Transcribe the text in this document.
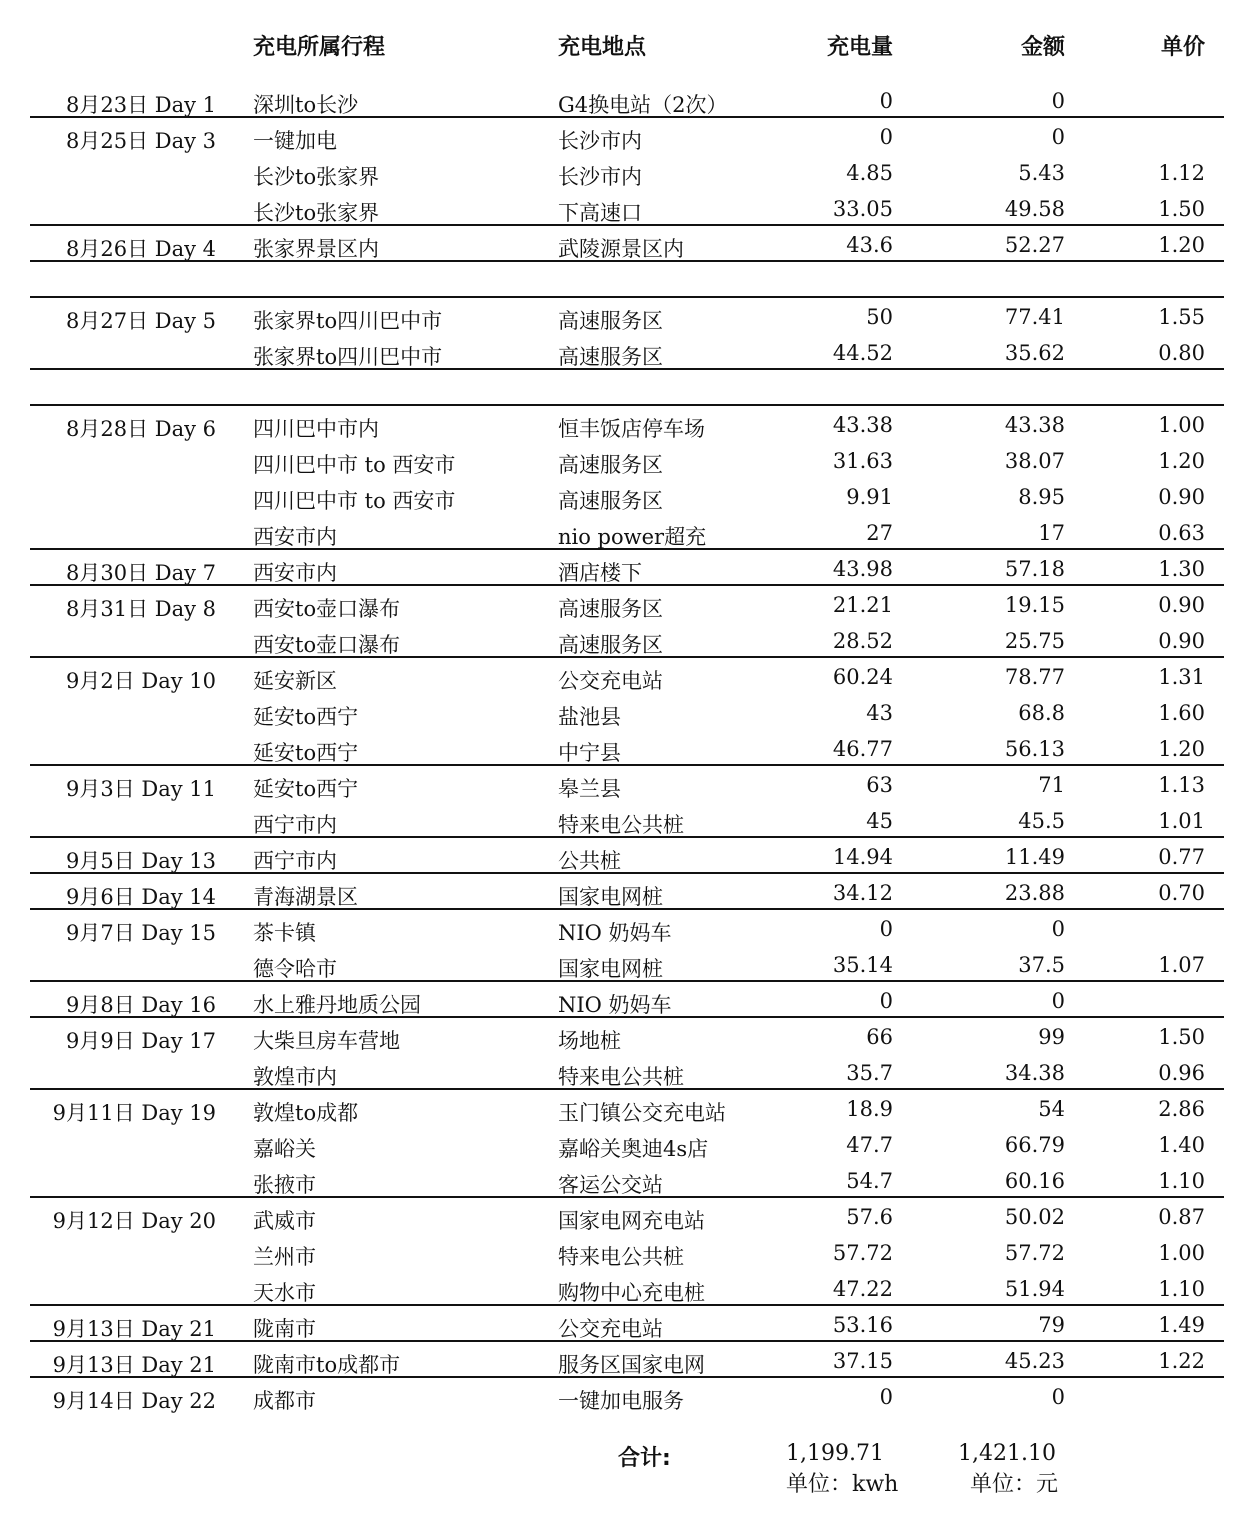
充电所属行程	充电地点	充电量	金额	单价
8月23日 Day 1 深圳to长沙	G4换电站（2次）	0	0
8月25日 Day 3 一键加电	长沙市内	0	0
长沙to张家界	长沙市内	4.85	5.43	1.12
长沙to张家界	下高速口	33.05	49.58	1.50
8月26日 Day 4 张家界景区内	武陵源景区内	43.6	52.27	1.20
8月27日 Day 5 张家界to四川巴中市	高速服务区	50	77.41	1.55
张家界to四川巴中市	高速服务区	44.52	35.62	0.80
8月28日 Day 6 四川巴中市内	恒丰饭店停车场	43.38	43.38	1.00
四川巴中市 to 西安市	高速服务区	31.63	38.07	1.20
四川巴中市 to 西安市	高速服务区	9.91	8.95	0.90
西安市内	nio power超充	27	17	0.63
8月30日 Day 7 西安市内	酒店楼下	43.98	57.18	1.30
8月31日 Day 8 西安to壶口瀑布	高速服务区	21.21	19.15	0.90
西安to壶口瀑布	高速服务区	28.52	25.75	0.90
9月2日 Day 10 延安新区	公交充电站	60.24	78.77	1.31
延安to西宁	盐池县	43	68.8	1.60
延安to西宁	中宁县	46.77	56.13	1.20
9月3日 Day 11 延安to西宁	皋兰县	63	71	1.13
西宁市内	特来电公共桩	45	45.5	1.01
9月5日 Day 13 西宁市内	公共桩	14.94	11.49	0.77
9月6日 Day 14 青海湖景区	国家电网桩	34.12	23.88	0.70
9月7日 Day 15 茶卡镇	NIO 奶妈车	0	0
德令哈市	国家电网桩	35.14	37.5	1.07
9月8日 Day 16 水上雅丹地质公园	NIO 奶妈车	0	0
9月9日 Day 17 大柴旦房车营地	场地桩	66	99	1.50
敦煌市内	特来电公共桩	35.7	34.38	0.96
9月11日 Day 19 敦煌to成都	玉门镇公交充电站	18.9	54	2.86
嘉峪关	嘉峪关奥迪4s店	47.7	66.79	1.40
张掖市	客运公交站	54.7	60.16	1.10
9月12日 Day 20 武威市	国家电网充电站	57.6	50.02	0.87
兰州市	特来电公共桩	57.72	57.72	1.00
天水市	购物中心充电桩	47.22	51.94	1.10
9月13日 Day 21 陇南市	公交充电站	53.16	79	1.49
9月13日 Day 21 陇南市to成都市	服务区国家电网	37.15	45.23	1.22
9月14日 Day 22 成都市	一键加电服务	0	0
合计:	1,199.71	1,421.10
单位：kwh	单位：元
